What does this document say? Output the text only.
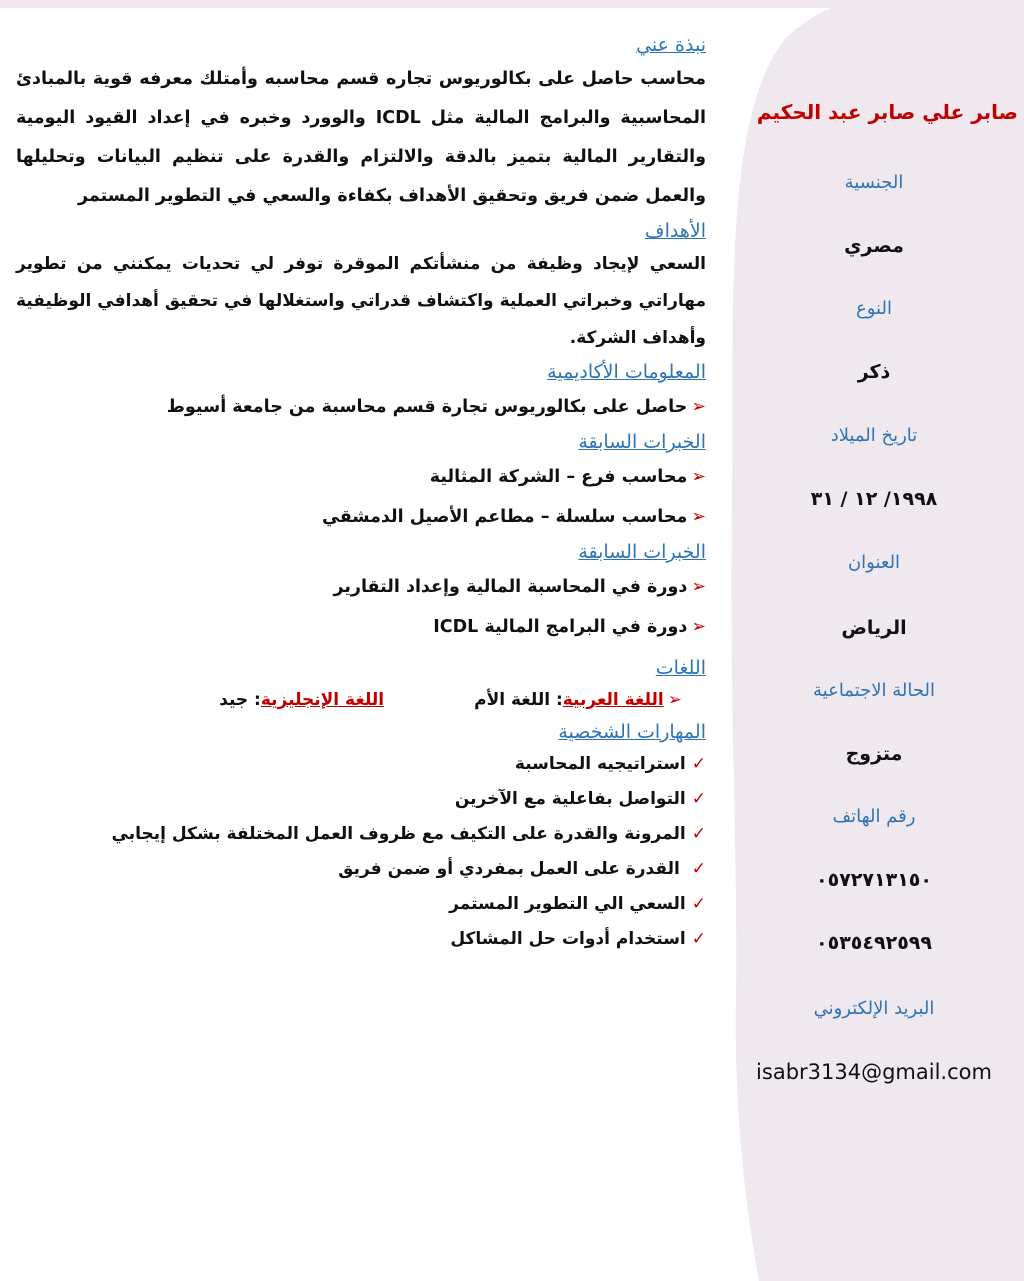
صابر علي صابر عبد الحكيم
الجنسية
مصري
النوع
ذكر
تاريخ الميلاد
١٩٩٨/ ١٢ / ٣١
العنوان
الرياض
الحالة الاجتماعية
متزوج
رقم الهاتف
٠٥٧٢٧١٣١٥٠
٠٥٣٥٤٩٢٥٩٩
البريد الإلكتروني
isabr3134@gmail.com

نبذة عني

محاسب حاصل على بكالوريوس تجاره قسم محاسبه وأمتلك معرفه قوية بالمبادئ المحاسبية والبرامج المالية مثل ICDL والوورد وخبره في إعداد القيود اليومية والتقارير المالية بتميز بالدقة والالتزام والقدرة على تنظيم البيانات وتحليلها والعمل ضمن فريق وتحقيق الأهداف بكفاءة والسعي في التطوير المستمر

الأهداف

السعي لإيجاد وظيفة من منشأتكم الموقرة توفر لي تحديات يمكنني من تطوير مهاراتي وخبراتي العملية واكتشاف قدراتي واستغلالها في تحقيق أهدافي الوظيفية وأهداف الشركة.

المعلومات الأكاديمية

➢حاصل على بكالوريوس تجارة قسم محاسبة من جامعة أسيوط

الخبرات السابقة

➢محاسب فرع – الشركة المثالية

➢محاسب سلسلة – مطاعم الأصيل الدمشقي

الخبرات السابقة

➢دورة في المحاسبة المالية وإعداد التقارير

➢دورة في البرامج المالية ICDL

اللغات

➢اللغة العربية: اللغة الأماللغة الإنجليزية: جيد

المهارات الشخصية

✓استراتيجيه المحاسبة

✓التواصل بفاعلية مع الآخرين

✓المرونة والقدرة على التكيف مع ظروف العمل المختلفة بشكل إيجابي

✓ القدرة على العمل بمفردي أو ضمن فريق

✓السعي الي التطوير المستمر

✓استخدام أدوات حل المشاكل
